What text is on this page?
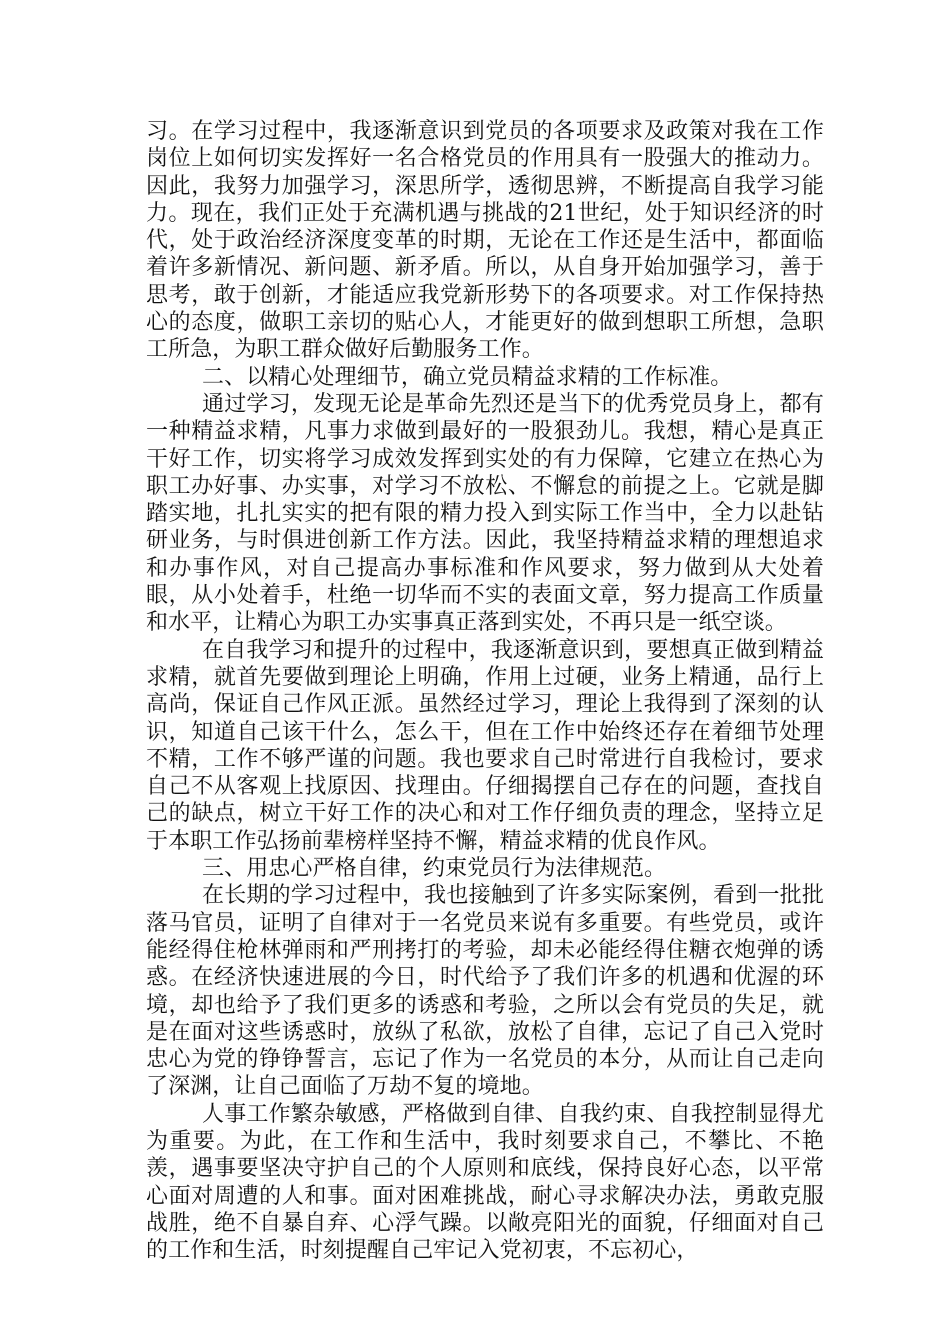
习。在学习过程中，我逐渐意识到党员的各项要求及政策对我在工作岗位上如何切实发挥好一名合格党员的作用具有一股强大的推动力。因此，我努力加强学习，深思所学，透彻思辨，不断提高自我学习能力。现在，我们正处于充满机遇与挑战的21世纪，处于知识经济的时代，处于政治经济深度变革的时期，无论在工作还是生活中，都面临着许多新情况、新问题、新矛盾。所以，从自身开始加强学习，善于思考，敢于创新，才能适应我党新形势下的各项要求。对工作保持热心的态度，做职工亲切的贴心人，才能更好的做到想职工所想，急职工所急，为职工群众做好后勤服务工作。

二、以精心处理细节，确立党员精益求精的工作标准。

通过学习，发现无论是革命先烈还是当下的优秀党员身上，都有一种精益求精，凡事力求做到最好的一股狠劲儿。我想，精心是真正干好工作，切实将学习成效发挥到实处的有力保障，它建立在热心为职工办好事、办实事，对学习不放松、不懈怠的前提之上。它就是脚踏实地，扎扎实实的把有限的精力投入到实际工作当中，全力以赴钻研业务，与时俱进创新工作方法。因此，我坚持精益求精的理想追求和办事作风，对自己提高办事标准和作风要求，努力做到从大处着眼，从小处着手，杜绝一切华而不实的表面文章，努力提高工作质量和水平，让精心为职工办实事真正落到实处，不再只是一纸空谈。

在自我学习和提升的过程中，我逐渐意识到，要想真正做到精益求精，就首先要做到理论上明确，作用上过硬，业务上精通，品行上高尚，保证自己作风正派。虽然经过学习，理论上我得到了深刻的认识，知道自己该干什么，怎么干，但在工作中始终还存在着细节处理不精，工作不够严谨的问题。我也要求自己时常进行自我检讨，要求自己不从客观上找原因、找理由。仔细揭摆自己存在的问题，查找自己的缺点，树立干好工作的决心和对工作仔细负责的理念，坚持立足于本职工作弘扬前辈榜样坚持不懈，精益求精的优良作风。

三、用忠心严格自律，约束党员行为法律规范。

在长期的学习过程中，我也接触到了许多实际案例，看到一批批落马官员，证明了自律对于一名党员来说有多重要。有些党员，或许能经得住枪林弹雨和严刑拷打的考验，却未必能经得住糖衣炮弹的诱惑。在经济快速进展的今日，时代给予了我们许多的机遇和优渥的环境，却也给予了我们更多的诱惑和考验，之所以会有党员的失足，就是在面对这些诱惑时，放纵了私欲，放松了自律，忘记了自己入党时忠心为党的铮铮誓言，忘记了作为一名党员的本分，从而让自己走向了深渊，让自己面临了万劫不复的境地。

人事工作繁杂敏感，严格做到自律、自我约束、自我控制显得尤为重要。为此，在工作和生活中，我时刻要求自己，不攀比、不艳羡，遇事要坚决守护自己的个人原则和底线，保持良好心态，以平常心面对周遭的人和事。面对困难挑战，耐心寻求解决办法，勇敢克服战胜，绝不自暴自弃、心浮气躁。以敞亮阳光的面貌，仔细面对自己的工作和生活，时刻提醒自己牢记入党初衷，不忘初心，
